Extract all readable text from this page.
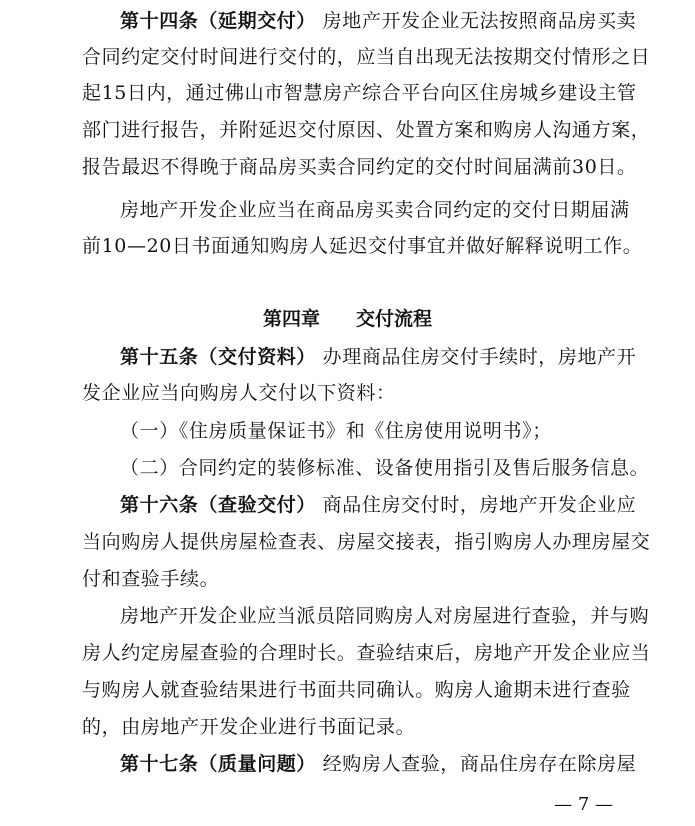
第十四条（延期交付） 房地产开发企业无法按照商品房买卖
合同约定交付时间进行交付的，应当自出现无法按期交付情形之日
起15日内，通过佛山市智慧房产综合平台向区住房城乡建设主管
部门进行报告，并附延迟交付原因、处置方案和购房人沟通方案，
报告最迟不得晚于商品房买卖合同约定的交付时间届满前30日。
房地产开发企业应当在商品房买卖合同约定的交付日期届满
前10—20日书面通知购房人延迟交付事宜并做好解释说明工作。
第四章 交付流程
第十五条（交付资料） 办理商品住房交付手续时，房地产开
发企业应当向购房人交付以下资料：
（一）《住房质量保证书》和《住房使用说明书》；
（二）合同约定的装修标准、设备使用指引及售后服务信息。
第十六条（查验交付） 商品住房交付时，房地产开发企业应
当向购房人提供房屋检查表、房屋交接表，指引购房人办理房屋交
付和查验手续。
房地产开发企业应当派员陪同购房人对房屋进行查验，并与购
房人约定房屋查验的合理时长。查验结束后，房地产开发企业应当
与购房人就查验结果进行书面共同确认。购房人逾期未进行查验
的，由房地产开发企业进行书面记录。
第十七条（质量问题） 经购房人查验，商品住房存在除房屋
— 7 —
